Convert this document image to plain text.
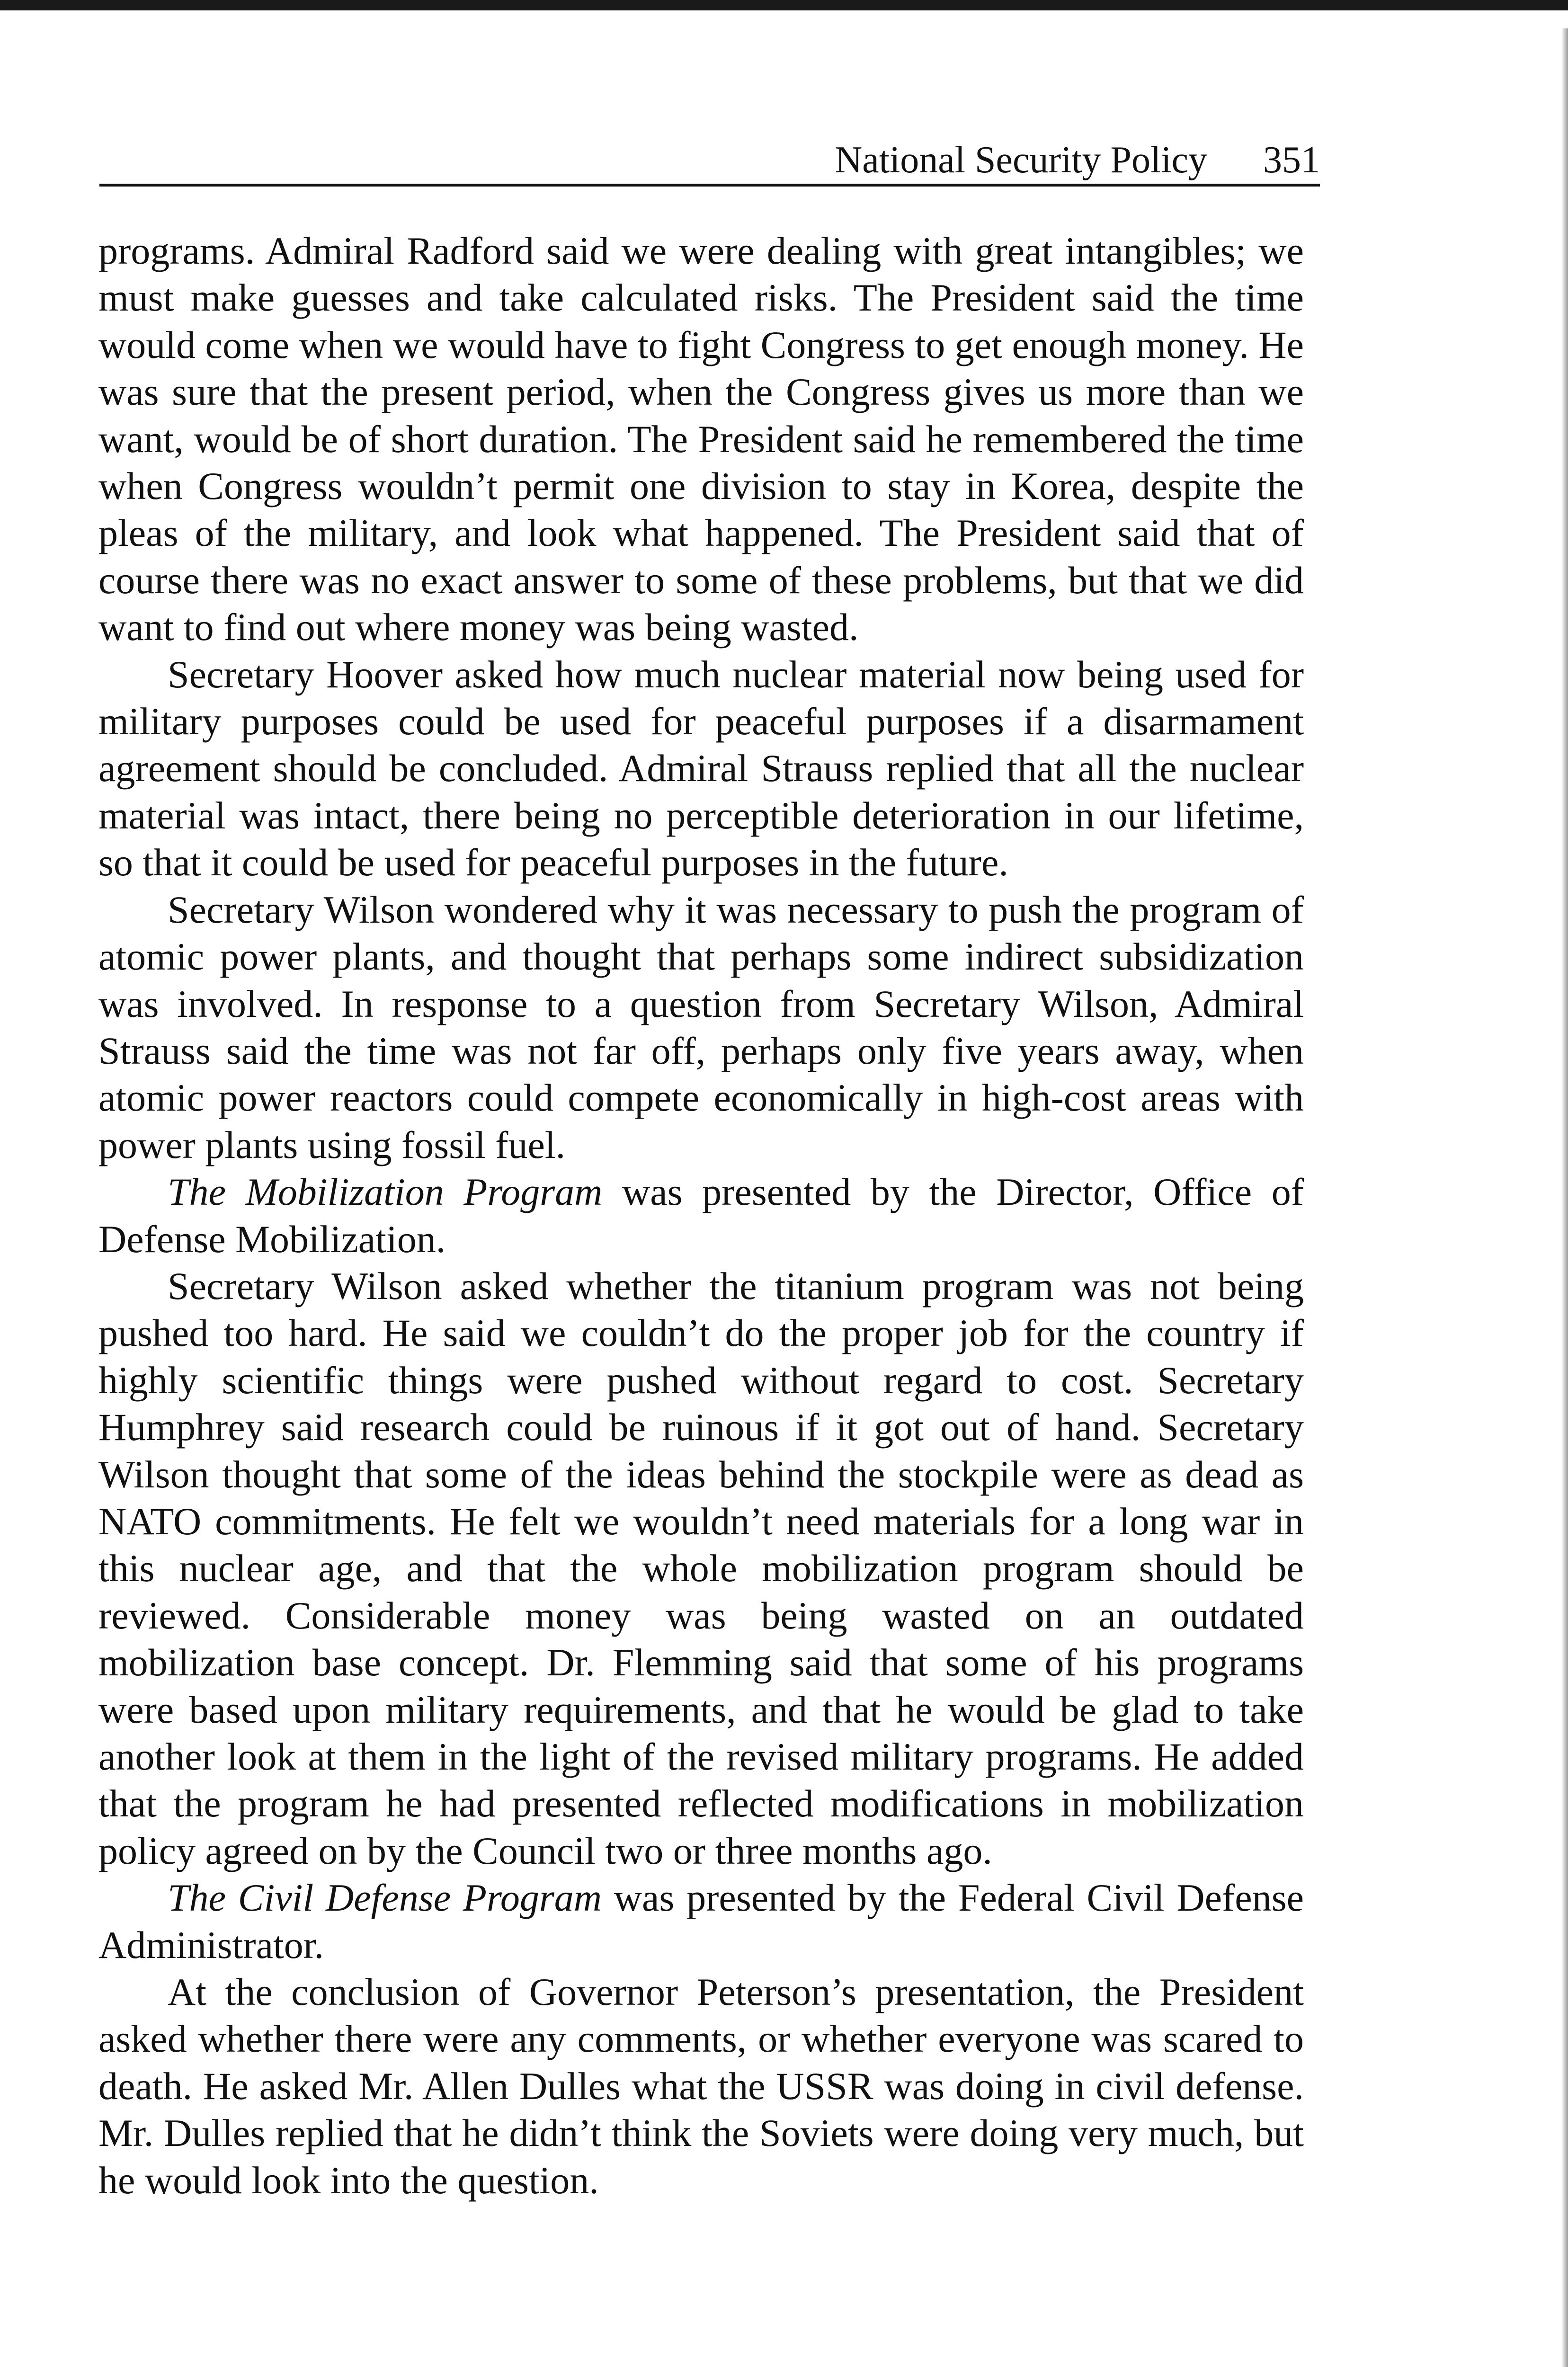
National Security Policy 351

programs. Admiral Radford said we were dealing with great intangibles; we must make guesses and take calculated risks. The President said the time would come when we would have to fight Congress to get enough money. He was sure that the present period, when the Congress gives us more than we want, would be of short duration. The President said he remembered the time when Congress wouldn’t permit one division to stay in Korea, despite the pleas of the military, and look what happened. The President said that of course there was no exact answer to some of these problems, but that we did want to find out where money was being wasted.

Secretary Hoover asked how much nuclear material now being used for military purposes could be used for peaceful purposes if a disarmament agreement should be concluded. Admiral Strauss replied that all the nuclear material was intact, there being no perceptible deterioration in our lifetime, so that it could be used for peaceful purposes in the future.

Secretary Wilson wondered why it was necessary to push the program of atomic power plants, and thought that perhaps some indirect subsidization was involved. In response to a question from Secretary Wilson, Admiral Strauss said the time was not far off, perhaps only five years away, when atomic power reactors could compete economically in high-cost areas with power plants using fossil fuel.

The Mobilization Program was presented by the Director, Office of Defense Mobilization.

Secretary Wilson asked whether the titanium program was not being pushed too hard. He said we couldn’t do the proper job for the country if highly scientific things were pushed without regard to cost. Secretary Humphrey said research could be ruinous if it got out of hand. Secretary Wilson thought that some of the ideas behind the stockpile were as dead as NATO commitments. He felt we wouldn’t need materials for a long war in this nuclear age, and that the whole mobilization program should be reviewed. Considerable money was being wasted on an outdated mobilization base concept. Dr. Flemming said that some of his programs were based upon military requirements, and that he would be glad to take another look at them in the light of the revised military programs. He added that the program he had presented reflected modifications in mobilization policy agreed on by the Council two or three months ago.

The Civil Defense Program was presented by the Federal Civil Defense Administrator.

At the conclusion of Governor Peterson’s presentation, the President asked whether there were any comments, or whether everyone was scared to death. He asked Mr. Allen Dulles what the USSR was doing in civil defense. Mr. Dulles replied that he didn’t think the Soviets were doing very much, but he would look into the question.
